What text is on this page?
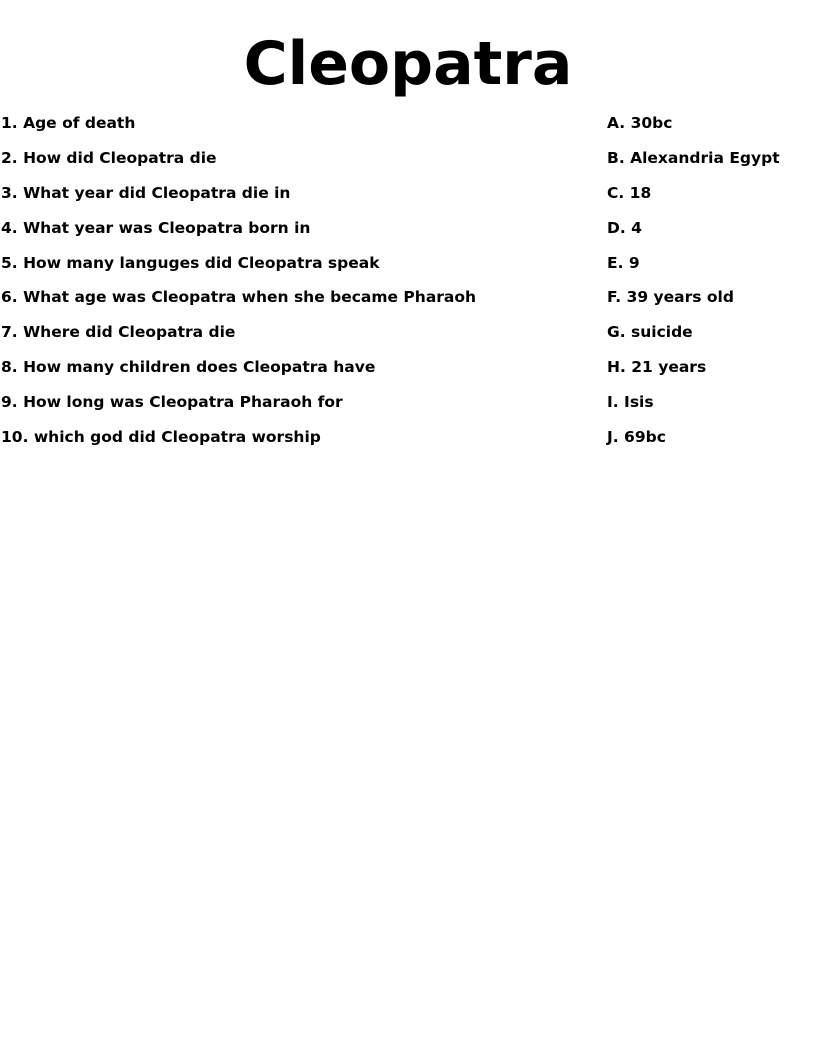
Cleopatra
1. Age of death	A. 30bc
2. How did Cleopatra die	B. Alexandria Egypt
3. What year did Cleopatra die in	C. 18
4. What year was Cleopatra born in	D. 4
5. How many languges did Cleopatra speak	E. 9
6. What age was Cleopatra when she became Pharaoh	F. 39 years old
7. Where did Cleopatra die	G. suicide
8. How many children does Cleopatra have	H. 21 years
9. How long was Cleopatra Pharaoh for	I. Isis
10. which god did Cleopatra worship	J. 69bc
